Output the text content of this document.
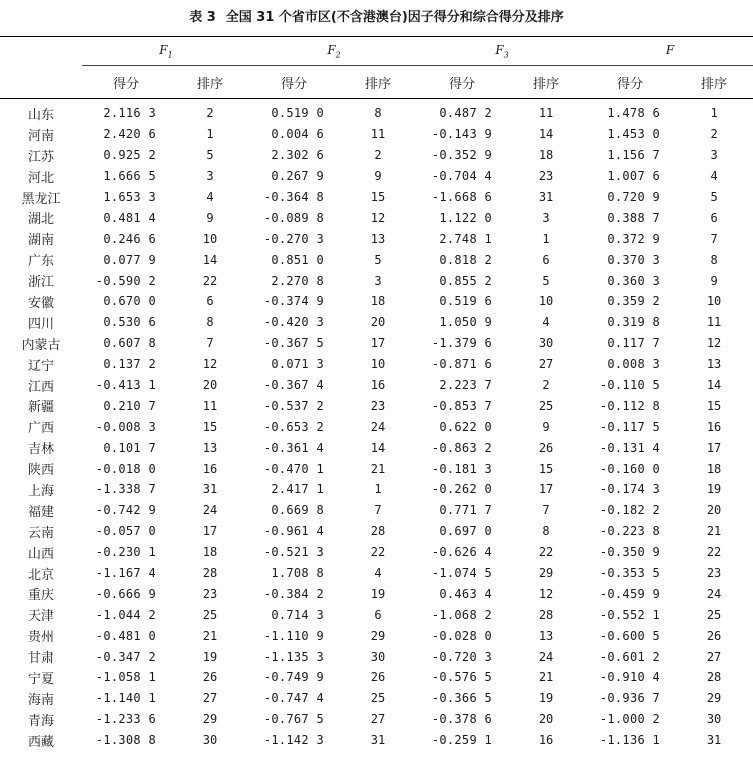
表 3 全国 31 个省市区(不含港澳台)因子得分和综合得分及排序
	$F_1$		$F_2$		$F_3$		F	
	得分	排序	得分	排序	得分	排序	得分	排序
山东	2.116 3	2	0.519 0	8	0.487 2	11	1.478 6	1
河南	2.420 6	1	0.004 6	11	-0.143 9	14	1.453 0	2
江苏	0.925 2	5	2.302 6	2	-0.352 9	18	1.156 7	3
河北	1.666 5	3	0.267 9	9	-0.704 4	23	1.007 6	4
黑龙江	1.653 3	4	-0.364 8	15	-1.668 6	31	0.720 9	5
湖北	0.481 4	9	-0.089 8	12	1.122 0	3	0.388 7	6
湖南	0.246 6	10	-0.270 3	13	2.748 1	1	0.372 9	7
广东	0.077 9	14	0.851 0	5	0.818 2	6	0.370 3	8
浙江	-0.590 2	22	2.270 8	3	0.855 2	5	0.360 3	9
安徽	0.670 0	6	-0.374 9	18	0.519 6	10	0.359 2	10
四川	0.530 6	8	-0.420 3	20	1.050 9	4	0.319 8	11
内蒙古	0.607 8	7	-0.367 5	17	-1.379 6	30	0.117 7	12
辽宁	0.137 2	12	0.071 3	10	-0.871 6	27	0.008 3	13
江西	-0.413 1	20	-0.367 4	16	2.223 7	2	-0.110 5	14
新疆	0.210 7	11	-0.537 2	23	-0.853 7	25	-0.112 8	15
广西	-0.008 3	15	-0.653 2	24	0.622 0	9	-0.117 5	16
吉林	0.101 7	13	-0.361 4	14	-0.863 2	26	-0.131 4	17
陕西	-0.018 0	16	-0.470 1	21	-0.181 3	15	-0.160 0	18
上海	-1.338 7	31	2.417 1	1	-0.262 0	17	-0.174 3	19
福建	-0.742 9	24	0.669 8	7	0.771 7	7	-0.182 2	20
云南	-0.057 0	17	-0.961 4	28	0.697 0	8	-0.223 8	21
山西	-0.230 1	18	-0.521 3	22	-0.626 4	22	-0.350 9	22
北京	-1.167 4	28	1.708 8	4	-1.074 5	29	-0.353 5	23
重庆	-0.666 9	23	-0.384 2	19	0.463 4	12	-0.459 9	24
天津	-1.044 2	25	0.714 3	6	-1.068 2	28	-0.552 1	25
贵州	-0.481 0	21	-1.110 9	29	-0.028 0	13	-0.600 5	26
甘肃	-0.347 2	19	-1.135 3	30	-0.720 3	24	-0.601 2	27
宁夏	-1.058 1	26	-0.749 9	26	-0.576 5	21	-0.910 4	28
海南	-1.140 1	27	-0.747 4	25	-0.366 5	19	-0.936 7	29
青海	-1.233 6	29	-0.767 5	27	-0.378 6	20	-1.000 2	30
西藏	-1.308 8	30	-1.142 3	31	-0.259 1	16	-1.136 1	31
